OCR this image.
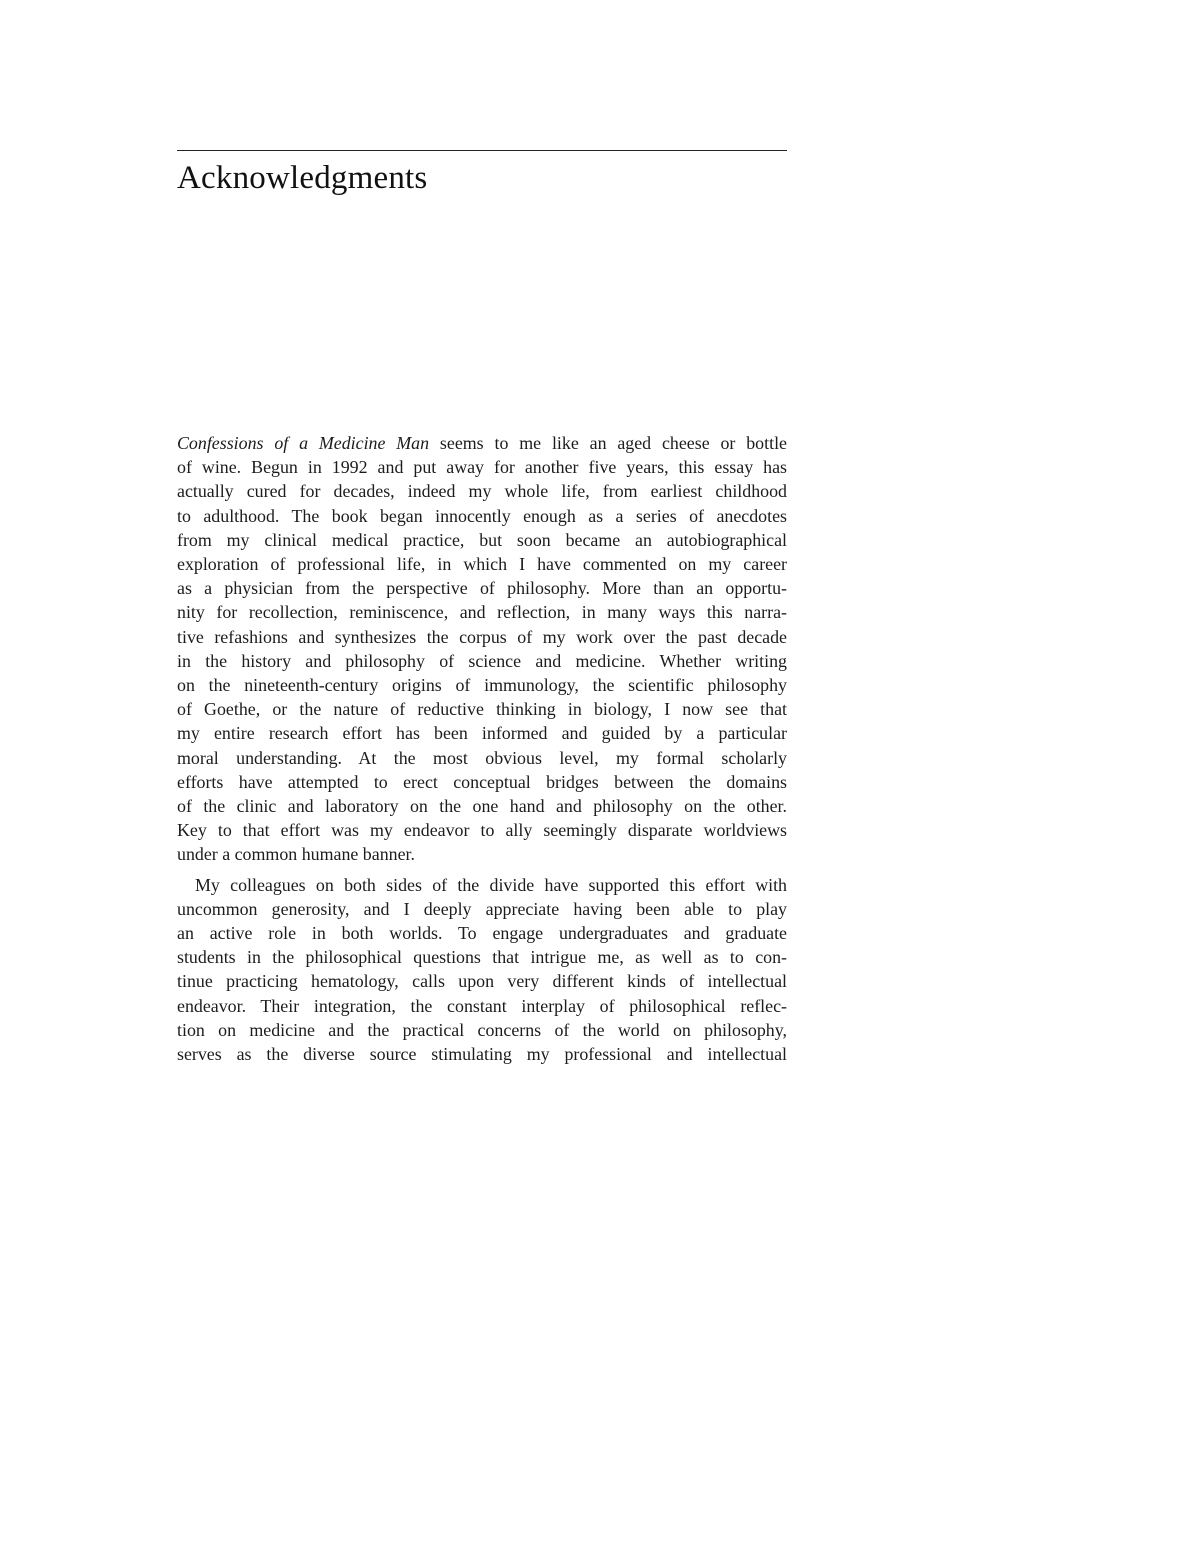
Acknowledgments

Confessions of a Medicine Man seems to me like an aged cheese or bottle
of wine. Begun in 1992 and put away for another five years, this essay has
actually cured for decades, indeed my whole life, from earliest childhood
to adulthood. The book began innocently enough as a series of anecdotes
from my clinical medical practice, but soon became an autobiographical
exploration of professional life, in which I have commented on my career
as a physician from the perspective of philosophy. More than an opportu-
nity for recollection, reminiscence, and reflection, in many ways this narra-
tive refashions and synthesizes the corpus of my work over the past decade
in the history and philosophy of science and medicine. Whether writing
on the nineteenth-century origins of immunology, the scientific philosophy
of Goethe, or the nature of reductive thinking in biology, I now see that
my entire research effort has been informed and guided by a particular
moral understanding. At the most obvious level, my formal scholarly
efforts have attempted to erect conceptual bridges between the domains
of the clinic and laboratory on the one hand and philosophy on the other.
Key to that effort was my endeavor to ally seemingly disparate worldviews
under a common humane banner.

My colleagues on both sides of the divide have supported this effort with
uncommon generosity, and I deeply appreciate having been able to play
an active role in both worlds. To engage undergraduates and graduate
students in the philosophical questions that intrigue me, as well as to con-
tinue practicing hematology, calls upon very different kinds of intellectual
endeavor. Their integration, the constant interplay of philosophical reflec-
tion on medicine and the practical concerns of the world on philosophy,
serves as the diverse source stimulating my professional and intellectual
